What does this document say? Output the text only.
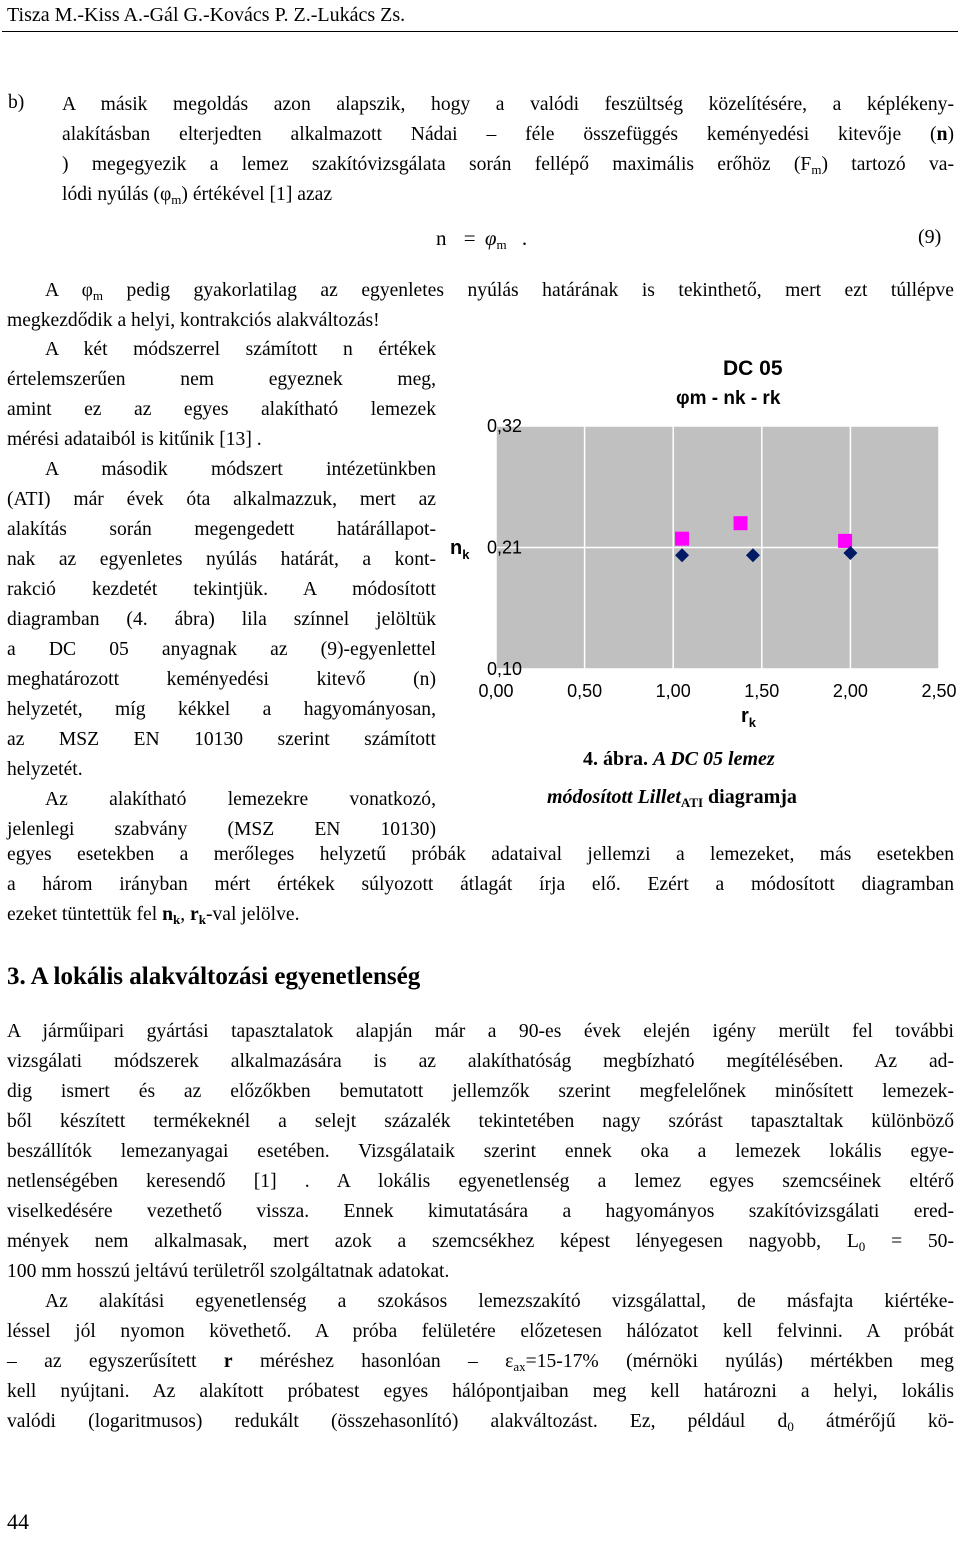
Tisza M.-Kiss A.-Gál G.-Kovács P. Z.-Lukács Zs.
b) A másik megoldás azon alapszik, hogy a valódi feszültség közelítésére, a képlékeny-
alakításban elterjedten alkalmazott Nádai – féle összefüggés keményedési kitevője (n)
) megegyezik a lemez szakítóvizsgálata során fellépő maximális erőhöz $(F_m)$ tartozó va-
lódi nyúlás $(\varphi_m)$ értékével [1] azaz
n = φm .	(9)
A $\varphi_m$ pedig gyakorlatilag az egyenletes nyúlás határának is tekinthető, mert ezt túllépve
megkezdődik a helyi, kontrakciós alakváltozás!
A két módszerrel számított n értékek
értelemszerűen nem egyeznek meg,
amint ez az egyes alakítható lemezek
mérési adataiból is kitűnik [13] .
A második módszert intézetünkben
(ATI) már évek óta alkalmazzuk, mert az
alakítás során megengedett határállapot-
nak az egyenletes nyúlás határát, a kont-
rakció kezdetét tekintjük. A módosított
diagramban (4. ábra) lila színnel jelöltük
a DC 05 anyagnak az (9)-egyenlettel
meghatározott keményedési kitevő (n)
helyzetét, míg kékkel a hagyományosan,
az MSZ EN 10130 szerint számított
helyzetét.
Az alakítható lemezekre vonatkozó,
jelenlegi szabvány (MSZ EN 10130)
DC 05
φm - nk - rk
0,00	0,50	1,00	1,50	2,00	2,50
0,10
0,21
0,32
$n_k$
$r_k$
4. ábra. A DC 05 lemez
módosított Lillet$_{ATI}$ diagramja
egyes esetekben a merőleges helyzetű próbák adataival jellemzi a lemezeket, más esetekben
a három irányban mért értékek súlyozott átlagát írja elő. Ezért a módosított diagramban
ezeket tüntettük fel $n_k$, $r_k$-val jelölve.
3. A lokális alakváltozási egyenetlenség
A járműipari gyártási tapasztalatok alapján már a 90-es évek elején igény merült fel további
vizsgálati módszerek alkalmazására is az alakíthatóság megbízható megítélésében. Az ad-
dig ismert és az előzőkben bemutatott jellemzők szerint megfelelőnek minősített lemezek-
ből készített termékeknél a selejt százalék tekintetében nagy szórást tapasztaltak különböző
beszállítók lemezanyagai esetében. Vizsgálataik szerint ennek oka a lemezek lokális egye-
netlenségében keresendő [1] . A lokális egyenetlenség a lemez egyes szemcséinek eltérő
viselkedésére vezethető vissza. Ennek kimutatására a hagyományos szakítóvizsgálati ered-
mények nem alkalmasak, mert azok a szemcsékhez képest lényegesen nagyobb, $L_0 = 50-$
100 mm hosszú jeltávú területről szolgáltatnak adatokat.
Az alakítási egyenetlenség a szokásos lemezszakító vizsgálattal, de másfajta kiértéke-
léssel jól nyomon követhető. A próba felületére előzetesen hálózatot kell felvinni. A próbát
– az egyszerűsített r méréshez hasonlóan – $\varepsilon_{ax}=15-17\%$ (mérnöki nyúlás) mértékben meg
kell nyújtani. Az alakított próbatest egyes hálópontjaiban meg kell határozni a helyi, lokális
valódi (logaritmusos) redukált (összehasonlító) alakváltozást. Ez, például $d_0$ átmérőjű kö-
44
